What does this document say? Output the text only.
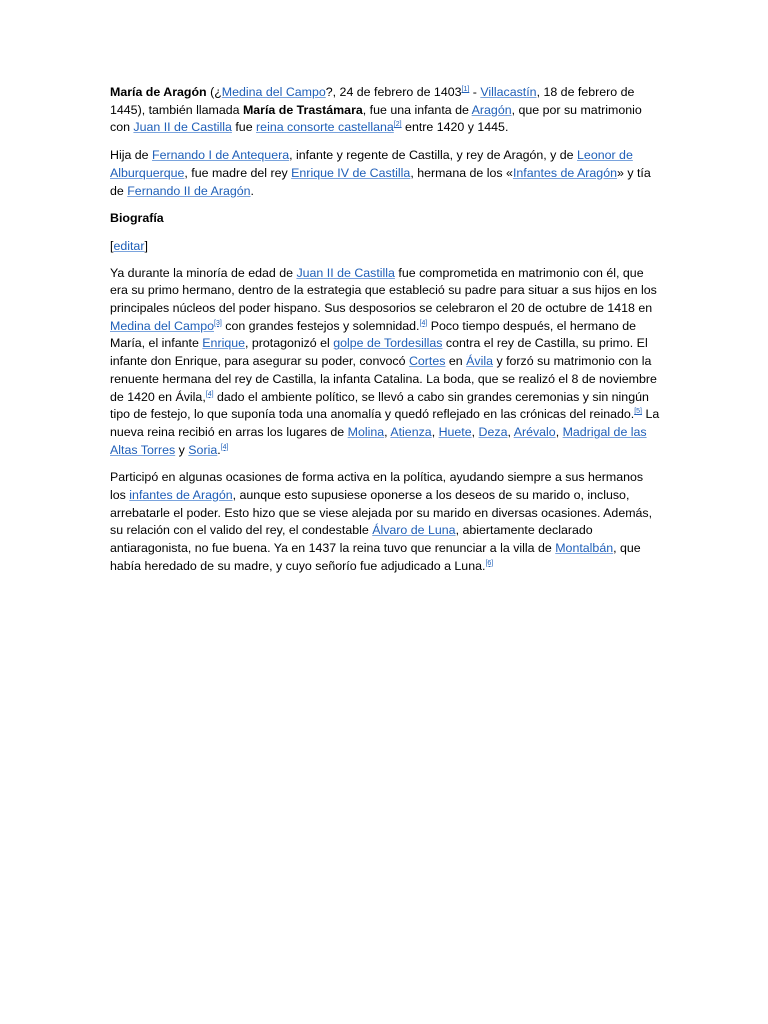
María de Aragón (¿Medina del Campo?, 24 de febrero de 1403[1] - Villacastín, 18 de febrero de 1445), también llamada María de Trastámara, fue una infanta de Aragón, que por su matrimonio con Juan II de Castilla fue reina consorte castellana[2] entre 1420 y 1445.

Hija de Fernando I de Antequera, infante y regente de Castilla, y rey de Aragón, y de Leonor de Alburquerque, fue madre del rey Enrique IV de Castilla, hermana de los «Infantes de Aragón» y tía de Fernando II de Aragón.

Biografía

[editar]

Ya durante la minoría de edad de Juan II de Castilla fue comprometida en matrimonio con él, que era su primo hermano, dentro de la estrategia que estableció su padre para situar a sus hijos en los principales núcleos del poder hispano. Sus desposorios se celebraron el 20 de octubre de 1418 en Medina del Campo[3] con grandes festejos y solemnidad.[4] Poco tiempo después, el hermano de María, el infante Enrique, protagonizó el golpe de Tordesillas contra el rey de Castilla, su primo. El infante don Enrique, para asegurar su poder, convocó Cortes en Ávila y forzó su matrimonio con la renuente hermana del rey de Castilla, la infanta Catalina. La boda, que se realizó el 8 de noviembre de 1420 en Ávila,[4] dado el ambiente político, se llevó a cabo sin grandes ceremonias y sin ningún tipo de festejo, lo que suponía toda una anomalía y quedó reflejado en las crónicas del reinado.[5] La nueva reina recibió en arras los lugares de Molina, Atienza, Huete, Deza, Arévalo, Madrigal de las Altas Torres y Soria.[4]

Participó en algunas ocasiones de forma activa en la política, ayudando siempre a sus hermanos los infantes de Aragón, aunque esto supusiese oponerse a los deseos de su marido o, incluso, arrebatarle el poder. Esto hizo que se viese alejada por su marido en diversas ocasiones. Además, su relación con el valido del rey, el condestable Álvaro de Luna, abiertamente declarado antiaragonista, no fue buena. Ya en 1437 la reina tuvo que renunciar a la villa de Montalbán, que había heredado de su madre, y cuyo señorío fue adjudicado a Luna.[6]
